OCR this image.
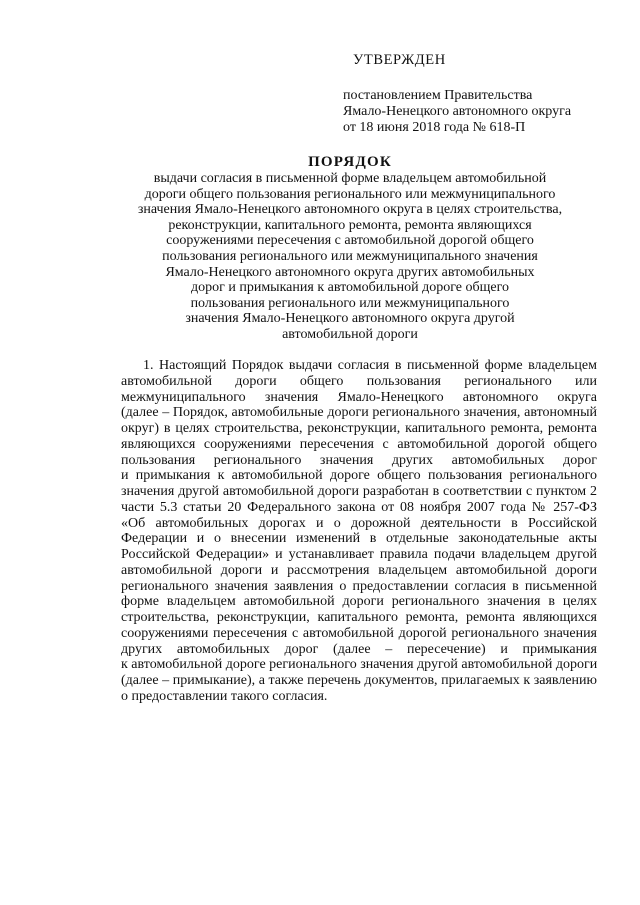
УТВЕРЖДЕН
постановлением Правительства
Ямало-Ненецкого автономного округа
от 18 июня 2018 года № 618-П
ПОРЯДОК
выдачи согласия в письменной форме владельцем автомобильной
дороги общего пользования регионального или межмуниципального
значения Ямало-Ненецкого автономного округа в целях строительства,
реконструкции, капитального ремонта, ремонта являющихся
сооружениями пересечения с автомобильной дорогой общего
пользования регионального или межмуниципального значения
Ямало-Ненецкого автономного округа других автомобильных
дорог и примыкания к автомобильной дороге общего
пользования регионального или межмуниципального
значения Ямало-Ненецкого автономного округа другой
автомобильной дороги
1. Настоящий Порядок выдачи согласия в письменной форме владельцем
автомобильной дороги общего пользования регионального или
межмуниципального значения Ямало-Ненецкого автономного округа
(далее – Порядок, автомобильные дороги регионального значения, автономный
округ) в целях строительства, реконструкции, капитального ремонта, ремонта
являющихся сооружениями пересечения с автомобильной дорогой общего
пользования регионального значения других автомобильных дорог
и примыкания к автомобильной дороге общего пользования регионального
значения другой автомобильной дороги разработан в соответствии с пунктом 2
части 5.3 статьи 20 Федерального закона от 08 ноября 2007 года № 257-ФЗ
«Об автомобильных дорогах и о дорожной деятельности в Российской
Федерации и о внесении изменений в отдельные законодательные акты
Российской Федерации» и устанавливает правила подачи владельцем другой
автомобильной дороги и рассмотрения владельцем автомобильной дороги
регионального значения заявления о предоставлении согласия в письменной
форме владельцем автомобильной дороги регионального значения в целях
строительства, реконструкции, капитального ремонта, ремонта являющихся
сооружениями пересечения с автомобильной дорогой регионального значения
других автомобильных дорог (далее – пересечение) и примыкания
к автомобильной дороге регионального значения другой автомобильной дороги
(далее – примыкание), а также перечень документов, прилагаемых к заявлению
о предоставлении такого согласия.
